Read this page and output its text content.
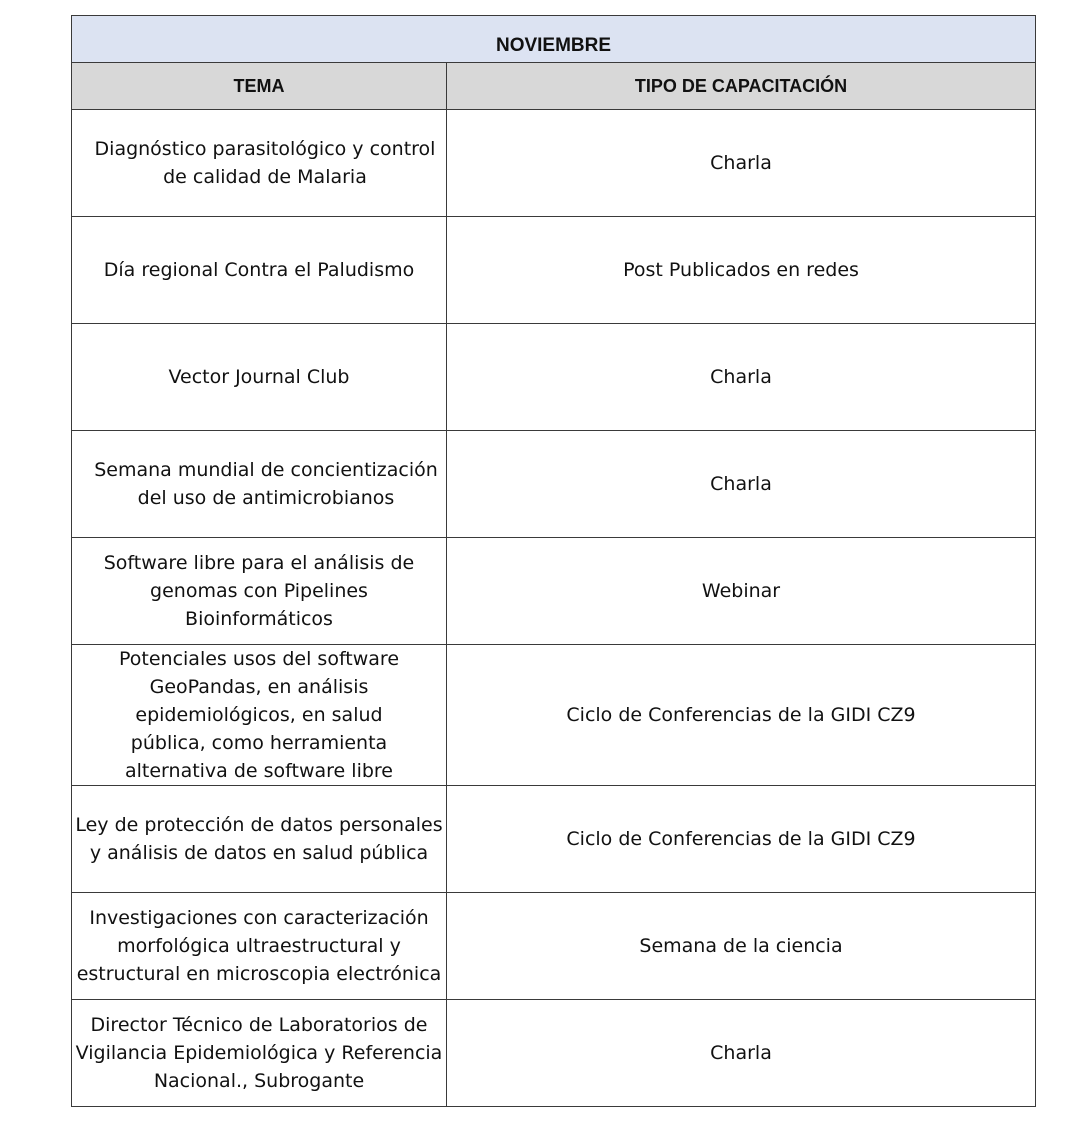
NOVIEMBRE	
TEMA	TIPO DE CAPACITACIÓN
Diagnóstico parasitológico y control de calidad de Malaria	Charla
Día regional Contra el Paludismo	Post Publicados en redes
Vector Journal Club	Charla
Semana mundial de concientización del uso de antimicrobianos	Charla
Software libre para el análisis de genomas con Pipelines Bioinformáticos	Webinar
Potenciales usos del software GeoPandas, en análisis epidemiológicos, en salud pública, como herramienta alternativa de software libre	Ciclo de Conferencias de la GIDI CZ9
Ley de protección de datos personales y análisis de datos en salud pública	Ciclo de Conferencias de la GIDI CZ9
Investigaciones con caracterización morfológica ultraestructural y estructural en microscopia electrónica	Semana de la ciencia
Director Técnico de Laboratorios de Vigilancia Epidemiológica y Referencia Nacional., Subrogante	Charla
